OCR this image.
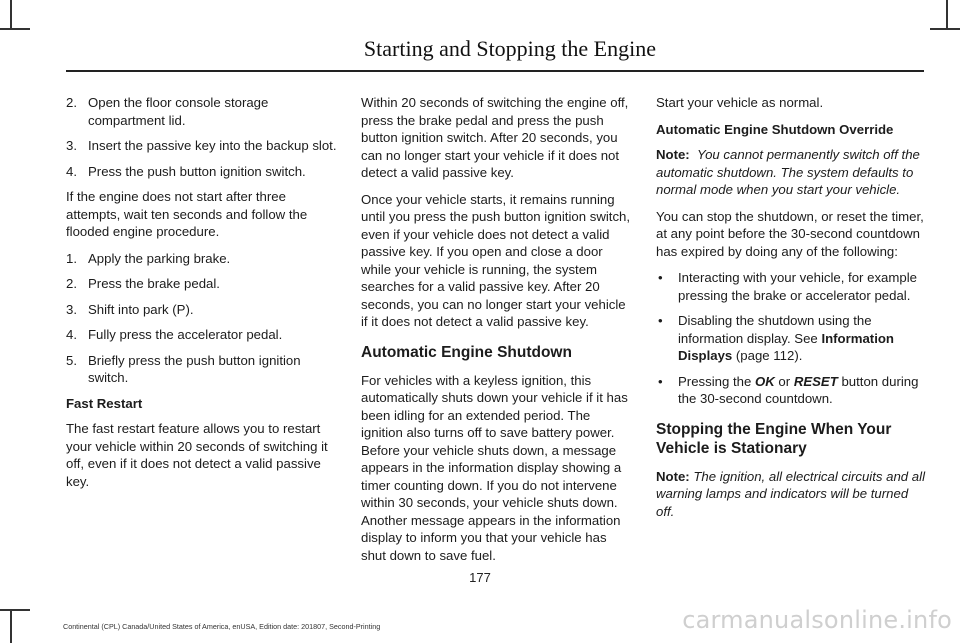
Starting and Stopping the Engine
2. Open the floor console storage compartment lid.
3. Insert the passive key into the backup slot.
4. Press the push button ignition switch.

If the engine does not start after three attempts, wait ten seconds and follow the flooded engine procedure.

1. Apply the parking brake.
2. Press the brake pedal.
3. Shift into park (P).
4. Fully press the accelerator pedal.
5. Briefly press the push button ignition switch.
Fast Restart

The fast restart feature allows you to restart your vehicle within 20 seconds of switching it off, even if it does not detect a valid passive key.

Within 20 seconds of switching the engine off, press the brake pedal and press the push button ignition switch. After 20 seconds, you can no longer start your vehicle if it does not detect a valid passive key.

Once your vehicle starts, it remains running until you press the push button ignition switch, even if your vehicle does not detect a valid passive key. If you open and close a door while your vehicle is running, the system searches for a valid passive key. After 20 seconds, you can no longer start your vehicle if it does not detect a valid passive key.

Automatic Engine Shutdown

For vehicles with a keyless ignition, this automatically shuts down your vehicle if it has been idling for an extended period. The ignition also turns off to save battery power. Before your vehicle shuts down, a message appears in the information display showing a timer counting down. If you do not intervene within 30 seconds, your vehicle shuts down. Another message appears in the information display to inform you that your vehicle has shut down to save fuel.

Start your vehicle as normal.

Automatic Engine Shutdown Override

Note: You cannot permanently switch off the automatic shutdown. The system defaults to normal mode when you start your vehicle.

You can stop the shutdown, or reset the timer, at any point before the 30-second countdown has expired by doing any of the following:

• Interacting with your vehicle, for example pressing the brake or accelerator pedal.
• Disabling the shutdown using the information display. See Information Displays (page 112).
• Pressing the OK or RESET button during the 30-second countdown.
Stopping the Engine When Your Vehicle is Stationary

Note: The ignition, all electrical circuits and all warning lamps and indicators will be turned off.

177
Continental (CPL) Canada/United States of America, enUSA, Edition date: 201807, Second-Printing	carmanualsonline.info
